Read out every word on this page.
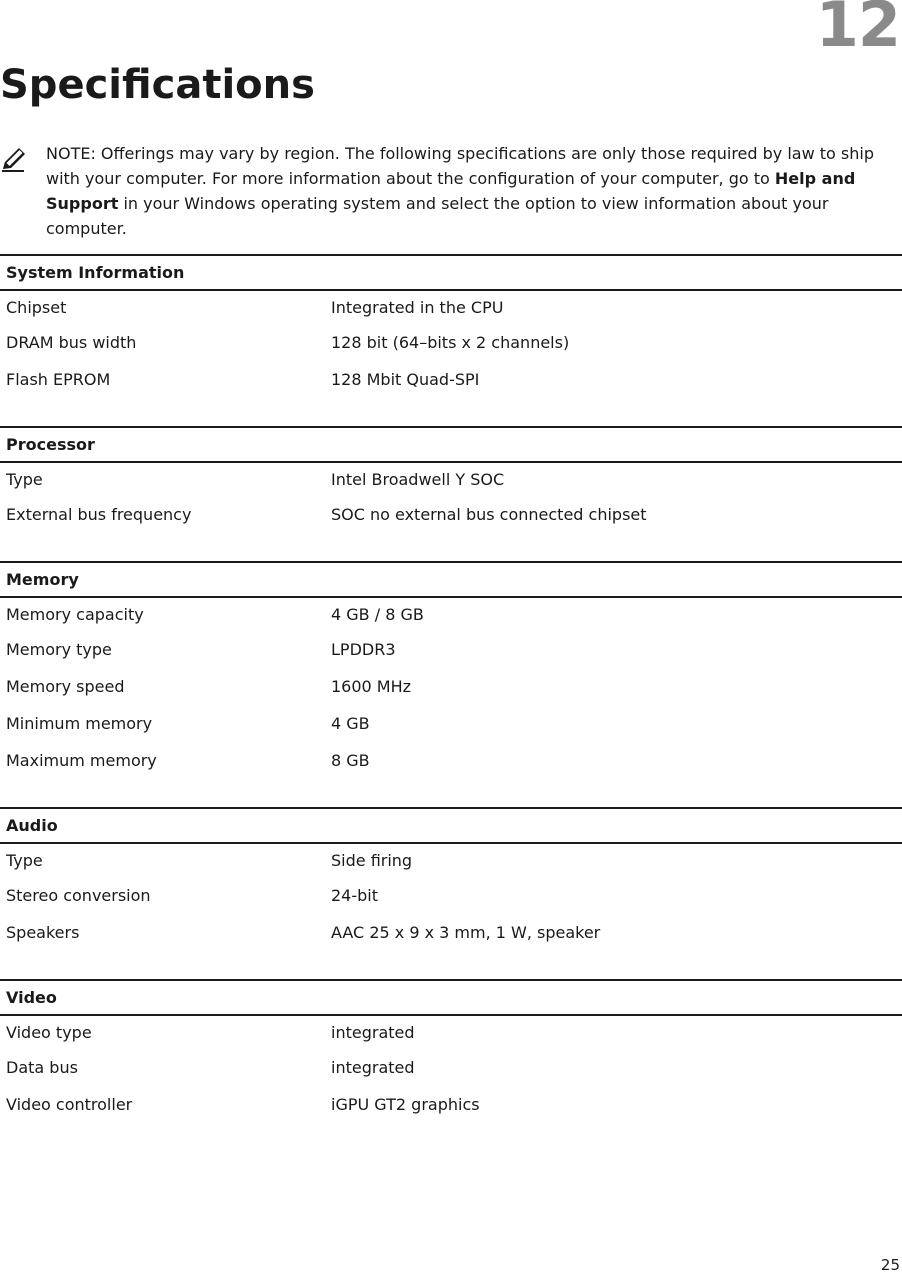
12
Specifications
NOTE: Offerings may vary by region. The following specifications are only those required by law to ship with your computer. For more information about the configuration of your computer, go to Help and Support in your Windows operating system and select the option to view information about your computer.
System Information	
Chipset	Integrated in the CPU
DRAM bus width	128 bit (64–bits x 2 channels)
Flash EPROM	128 Mbit Quad-SPI
Processor	
Type	Intel Broadwell Y SOC
External bus frequency	SOC no external bus connected chipset
Memory	
Memory capacity	4 GB / 8 GB
Memory type	LPDDR3
Memory speed	1600 MHz
Minimum memory	4 GB
Maximum memory	8 GB
Audio	
Type	Side firing
Stereo conversion	24-bit
Speakers	AAC 25 x 9 x 3 mm, 1 W, speaker
Video	
Video type	integrated
Data bus	integrated
Video controller	iGPU GT2 graphics
25
